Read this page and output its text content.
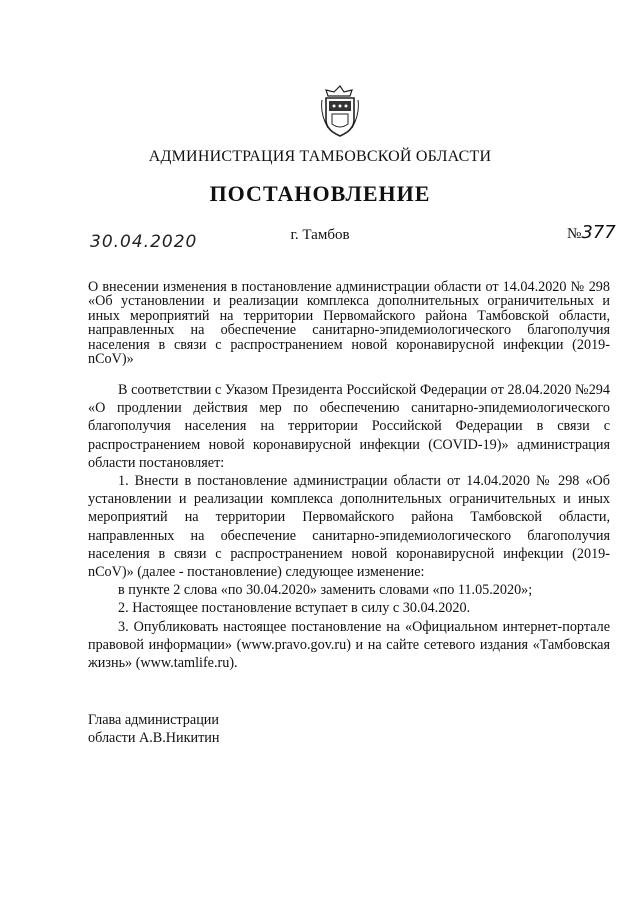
АДМИНИСТРАЦИЯ ТАМБОВСКОЙ ОБЛАСТИ
ПОСТАНОВЛЕНИЕ
30.04.2020	г. Тамбов	№377
О внесении изменения в постановление администрации области от 14.04.2020 № 298 «Об установлении и реализации комплекса дополнительных ограничительных и иных мероприятий на территории Первомайского района Тамбовской области, направленных на обеспечение санитарно-эпидемиологического благополучия населения в связи с распространением новой коронавирусной инфекции (2019-nCoV)»

В соответствии с Указом Президента Российской Федерации от 28.04.2020 №294 «О продлении действия мер по обеспечению санитарно-эпидемиологического благополучия населения на территории Российской Федерации в связи с распространением новой коронавирусной инфекции (COVID-19)» администрация области постановляет:

1. Внести в постановление администрации области от 14.04.2020 № 298 «Об установлении и реализации комплекса дополнительных ограничительных и иных мероприятий на территории Первомайского района Тамбовской области, направленных на обеспечение санитарно-эпидемиологического благополучия населения в связи с распространением новой коронавирусной инфекции (2019-nCoV)» (далее - постановление) следующее изменение:

в пункте 2 слова «по 30.04.2020» заменить словами «по 11.05.2020»;

2. Настоящее постановление вступает в силу с 30.04.2020.

3. Опубликовать настоящее постановление на «Официальном интернет-портале правовой информации» (www.pravo.gov.ru) и на сайте сетевого издания «Тамбовская жизнь» (www.tamlife.ru).

Глава администрации
области А.В.Никитин
